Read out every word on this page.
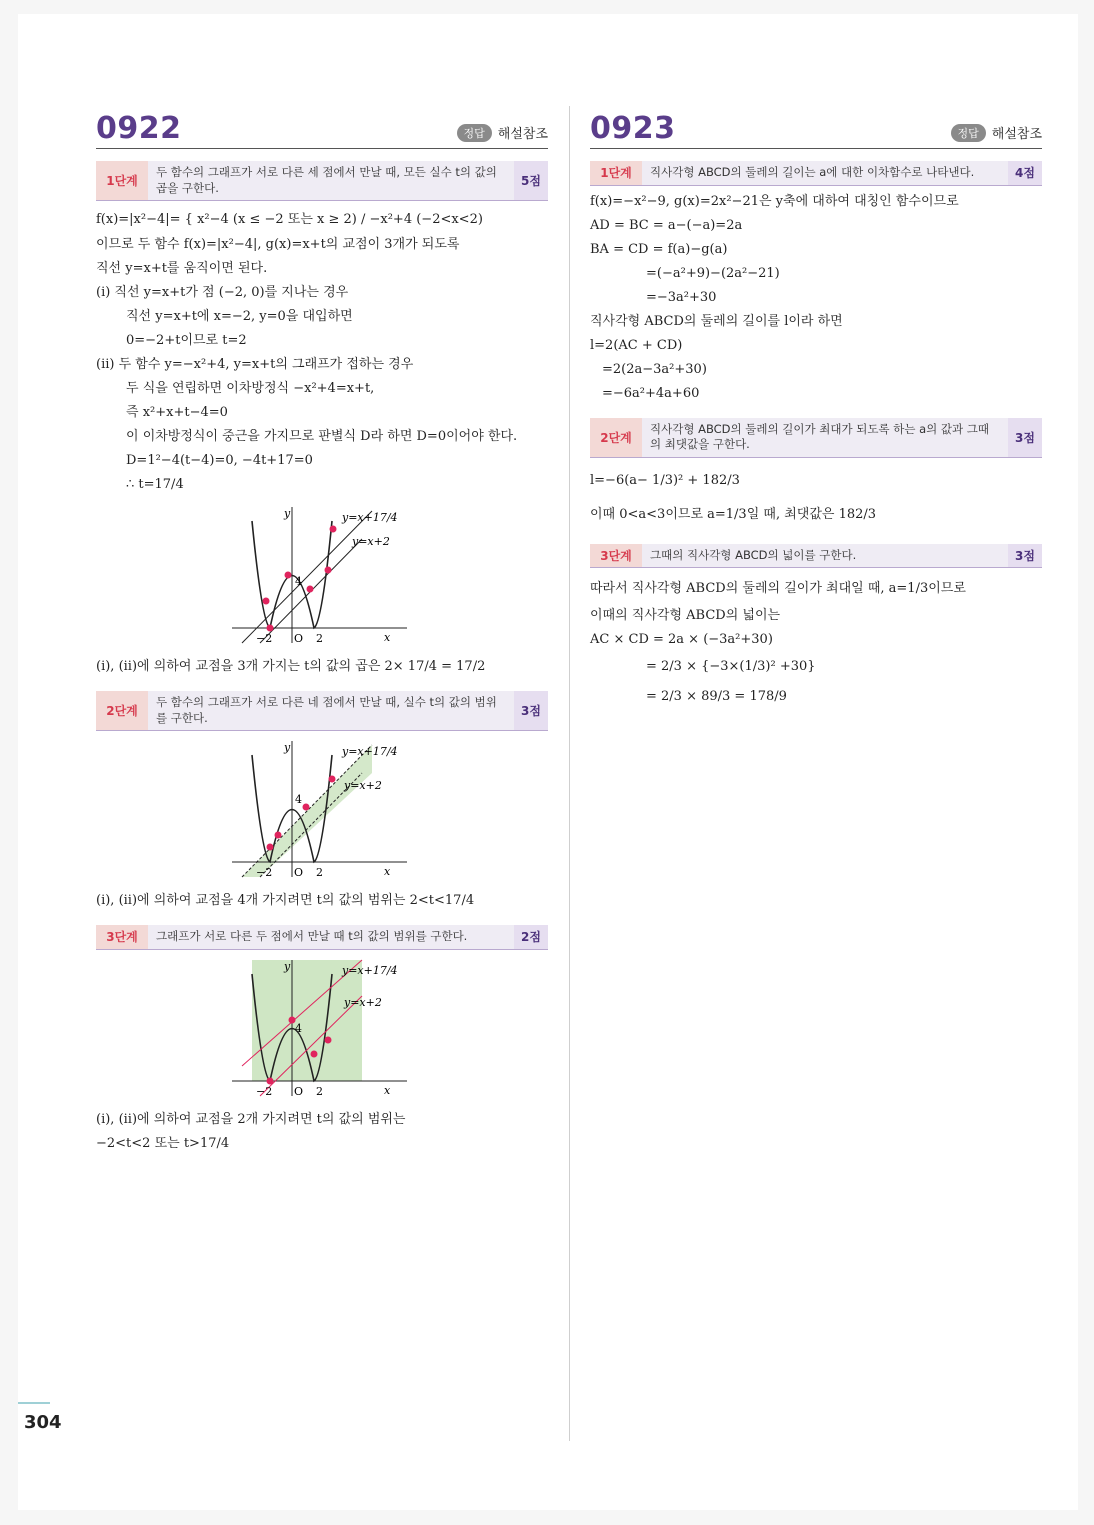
0922	정답	해설참조
1단계
두 함수의 그래프가 서로 다른 세 점에서 만날 때, 모든 실수 t의 값의 곱을 구한다.	5점
f(x)=|x²−4|= { x²−4 (x ≤ −2 또는 x ≥ 2) / −x²+4 (−2<x<2)
이므로 두 함수 f(x)=|x²−4|, g(x)=x+t의 교점이 3개가 되도록
직선 y=x+t를 움직이면 된다.
(ⅰ) 직선 y=x+t가 점 (−2, 0)를 지나는 경우
직선 y=x+t에 x=−2, y=0을 대입하면
0=−2+t이므로 t=2
(ⅱ) 두 함수 y=−x²+4, y=x+t의 그래프가 접하는 경우
두 식을 연립하면 이차방정식 −x²+4=x+t,
즉 x²+x+t−4=0
이 이차방정식이 중근을 가지므로 판별식 D라 하면 D=0이어야 한다.
D=1²−4(t−4)=0, −4t+17=0
∴ t=17/4
y
x
O
−2	2
4
y=x+17/4
y=x+2
(ⅰ), (ⅱ)에 의하여 교점을 3개 가지는 t의 값의 곱은 2× 17/4 = 17/2
2단계
두 함수의 그래프가 서로 다른 네 점에서 만날 때, 실수 t의 값의 범위를 구한다.	3점
y
x
O
−2	2
4
y=x+17/4
y=x+2
(ⅰ), (ⅱ)에 의하여 교점을 4개 가지려면 t의 값의 범위는 2<t<17/4
3단계	그래프가 서로 다른 두 점에서 만날 때 t의 값의 범위를 구한다.	2점
y
x
O
−2	2
4
y=x+17/4
y=x+2
(ⅰ), (ⅱ)에 의하여 교점을 2개 가지려면 t의 값의 범위는
−2<t<2 또는 t>17/4
0923	정답	해설참조
1단계	직사각형 ABCD의 둘레의 길이는 a에 대한 이차함수로 나타낸다.	4점
f(x)=−x²−9, g(x)=2x²−21은 y축에 대하여 대칭인 함수이므로
AD = BC = a−(−a)=2a
BA = CD = f(a)−g(a)
=(−a²+9)−(2a²−21)
=−3a²+30
직사각형 ABCD의 둘레의 길이를 l이라 하면
l=2(AC + CD)
=2(2a−3a²+30)
=−6a²+4a+60
2단계
직사각형 ABCD의 둘레의 길이가 최대가 되도록 하는 a의 값과 그때의 최댓값을 구한다.	3점
l=−6(a− 1/3)² + 182/3
이때 0<a<3이므로 a=1/3일 때, 최댓값은 182/3
3단계	그때의 직사각형 ABCD의 넓이를 구한다.	3점
따라서 직사각형 ABCD의 둘레의 길이가 최대일 때, a=1/3이므로
이때의 직사각형 ABCD의 넓이는
AC × CD = 2a × (−3a²+30)
= 2/3 × {−3×(1/3)² +30}
= 2/3 × 89/3 = 178/9
304
